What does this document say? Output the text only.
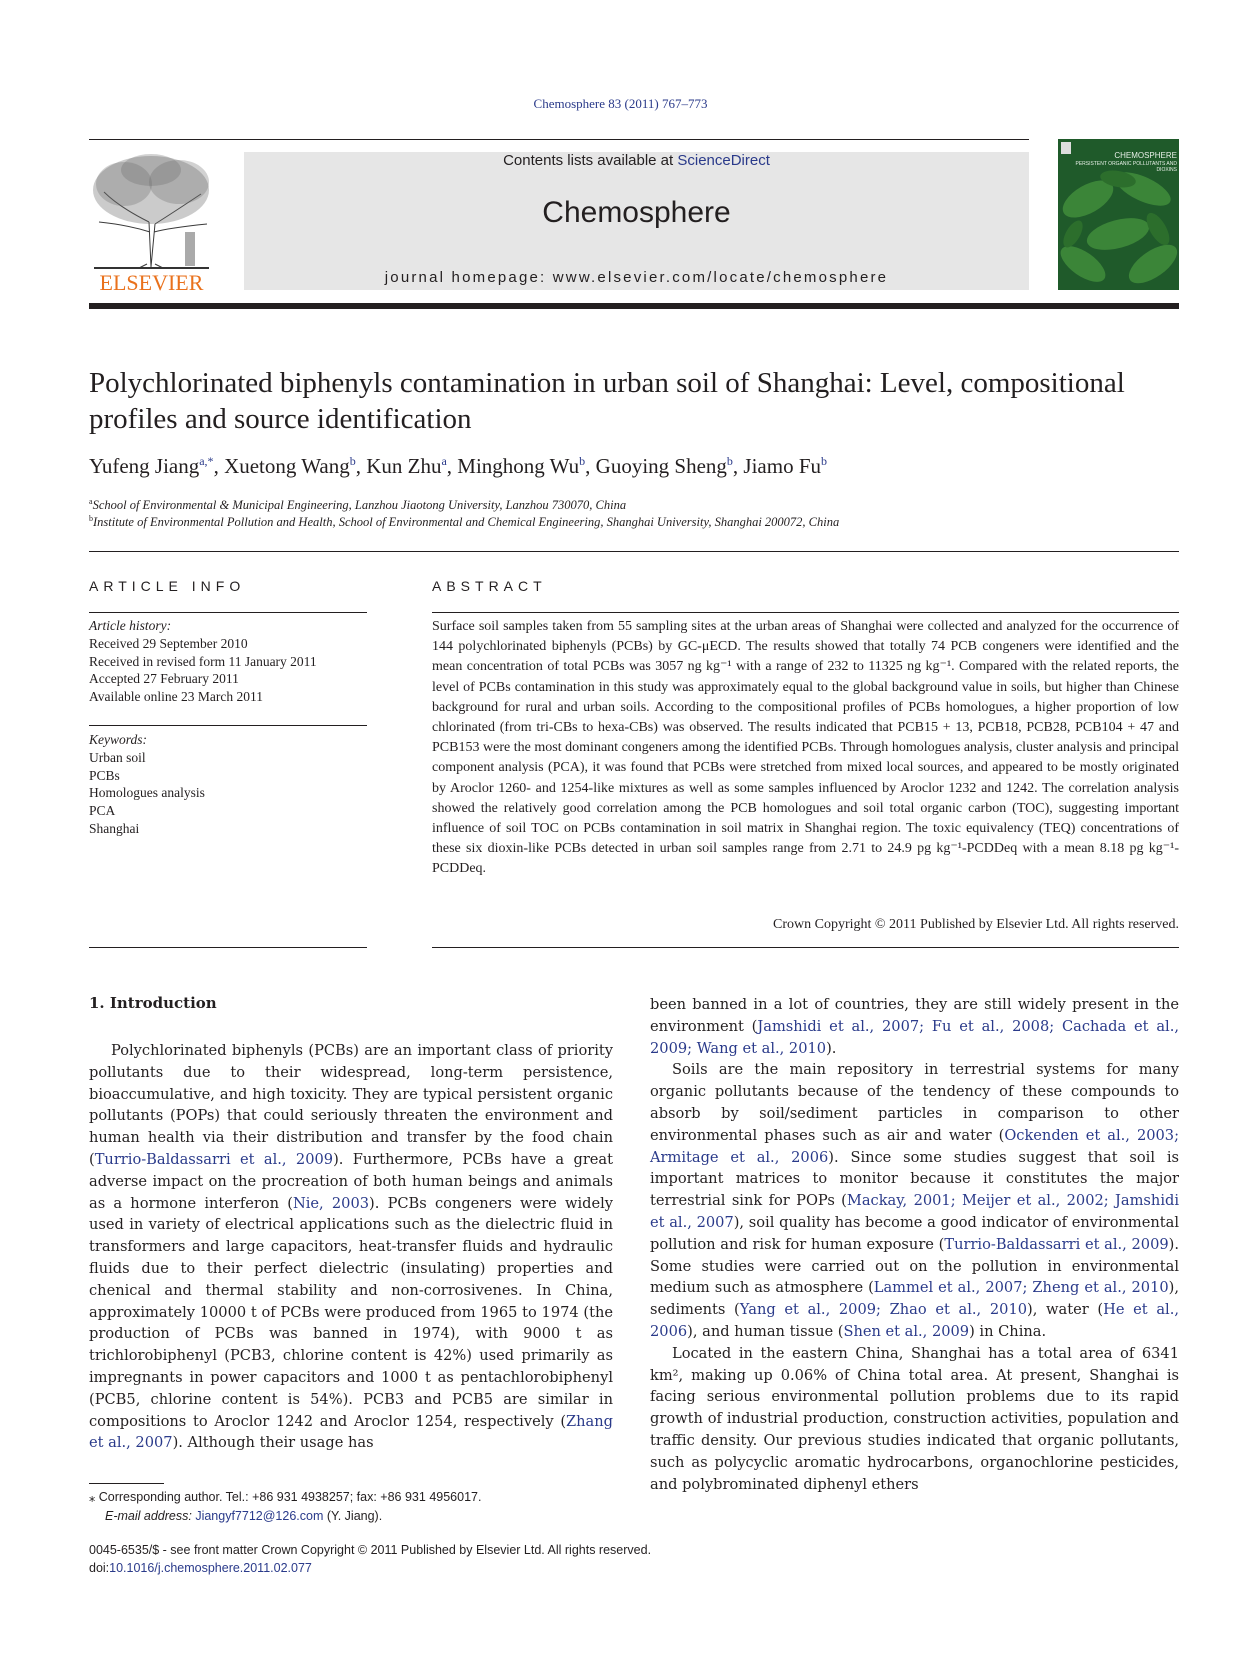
Chemosphere 83 (2011) 767–773
ELSEVIER
Contents lists available at ScienceDirect
Chemosphere
journal homepage: www.elsevier.com/locate/chemosphere
CHEMOSPHERE
PERSISTENT ORGANIC POLLUTANTS AND DIOXINS
Polychlorinated biphenyls contamination in urban soil of Shanghai: Level, compositional profiles and source identification
Yufeng Jiang$^{a,*}$, Xuetong Wang$^b$, Kun Zhu$^a$, Minghong Wu$^b$, Guoying Sheng$^b$, Jiamo Fu$^b$
$^a$School of Environmental & Municipal Engineering, Lanzhou Jiaotong University, Lanzhou 730070, China
$^b$Institute of Environmental Pollution and Health, School of Environmental and Chemical Engineering, Shanghai University, Shanghai 200072, China
ARTICLE INFO
Article history:
Received 29 September 2010
Received in revised form 11 January 2011
Accepted 27 February 2011
Available online 23 March 2011
Keywords:
Urban soil
PCBs
Homologues analysis
PCA
Shanghai
ABSTRACT
Surface soil samples taken from 55 sampling sites at the urban areas of Shanghai were collected and analyzed for the occurrence of 144 polychlorinated biphenyls (PCBs) by GC-μECD. The results showed that totally 74 PCB congeners were identified and the mean concentration of total PCBs was 3057 ng kg⁻¹ with a range of 232 to 11325 ng kg⁻¹. Compared with the related reports, the level of PCBs contamination in this study was approximately equal to the global background value in soils, but higher than Chinese background for rural and urban soils. According to the compositional profiles of PCBs homologues, a higher proportion of low chlorinated (from tri-CBs to hexa-CBs) was observed. The results indicated that PCB15 + 13, PCB18, PCB28, PCB104 + 47 and PCB153 were the most dominant congeners among the identified PCBs. Through homologues analysis, cluster analysis and principal component analysis (PCA), it was found that PCBs were stretched from mixed local sources, and appeared to be mostly originated by Aroclor 1260- and 1254-like mixtures as well as some samples influenced by Aroclor 1232 and 1242. The correlation analysis showed the relatively good correlation among the PCB homologues and soil total organic carbon (TOC), suggesting important influence of soil TOC on PCBs contamination in soil matrix in Shanghai region. The toxic equivalency (TEQ) concentrations of these six dioxin-like PCBs detected in urban soil samples range from 2.71 to 24.9 pg kg⁻¹-PCDDeq with a mean 8.18 pg kg⁻¹-PCDDeq.
Crown Copyright © 2011 Published by Elsevier Ltd. All rights reserved.
1. Introduction

Polychlorinated biphenyls (PCBs) are an important class of priority pollutants due to their widespread, long-term persistence, bioaccumulative, and high toxicity. They are typical persistent organic pollutants (POPs) that could seriously threaten the environment and human health via their distribution and transfer by the food chain (Turrio-Baldassarri et al., 2009). Furthermore, PCBs have a great adverse impact on the procreation of both human beings and animals as a hormone interferon (Nie, 2003). PCBs congeners were widely used in variety of electrical applications such as the dielectric fluid in transformers and large capacitors, heat-transfer fluids and hydraulic fluids due to their perfect dielectric (insulating) properties and chenical and thermal stability and non-corrosivenes. In China, approximately 10000 t of PCBs were produced from 1965 to 1974 (the production of PCBs was banned in 1974), with 9000 t as trichlorobiphenyl (PCB3, chlorine content is 42%) used primarily as impregnants in power capacitors and 1000 t as pentachlorobiphenyl (PCB5, chlorine content is 54%). PCB3 and PCB5 are similar in compositions to Aroclor 1242 and Aroclor 1254, respectively (Zhang et al., 2007). Although their usage has

been banned in a lot of countries, they are still widely present in the environment (Jamshidi et al., 2007; Fu et al., 2008; Cachada et al., 2009; Wang et al., 2010).

Soils are the main repository in terrestrial systems for many organic pollutants because of the tendency of these compounds to absorb by soil/sediment particles in comparison to other environmental phases such as air and water (Ockenden et al., 2003; Armitage et al., 2006). Since some studies suggest that soil is important matrices to monitor because it constitutes the major terrestrial sink for POPs (Mackay, 2001; Meijer et al., 2002; Jamshidi et al., 2007), soil quality has become a good indicator of environmental pollution and risk for human exposure (Turrio-Baldassarri et al., 2009). Some studies were carried out on the pollution in environmental medium such as atmosphere (Lammel et al., 2007; Zheng et al., 2010), sediments (Yang et al., 2009; Zhao et al., 2010), water (He et al., 2006), and human tissue (Shen et al., 2009) in China.

Located in the eastern China, Shanghai has a total area of 6341 km², making up 0.06% of China total area. At present, Shanghai is facing serious environmental pollution problems due to its rapid growth of industrial production, construction activities, population and traffic density. Our previous studies indicated that organic pollutants, such as polycyclic aromatic hydrocarbons, organochlorine pesticides, and polybrominated diphenyl ethers

⁎ Corresponding author. Tel.: +86 931 4938257; fax: +86 931 4956017.
E-mail address: Jiangyf7712@126.com (Y. Jiang).
0045-6535/$ - see front matter Crown Copyright © 2011 Published by Elsevier Ltd. All rights reserved.
doi:10.1016/j.chemosphere.2011.02.077
